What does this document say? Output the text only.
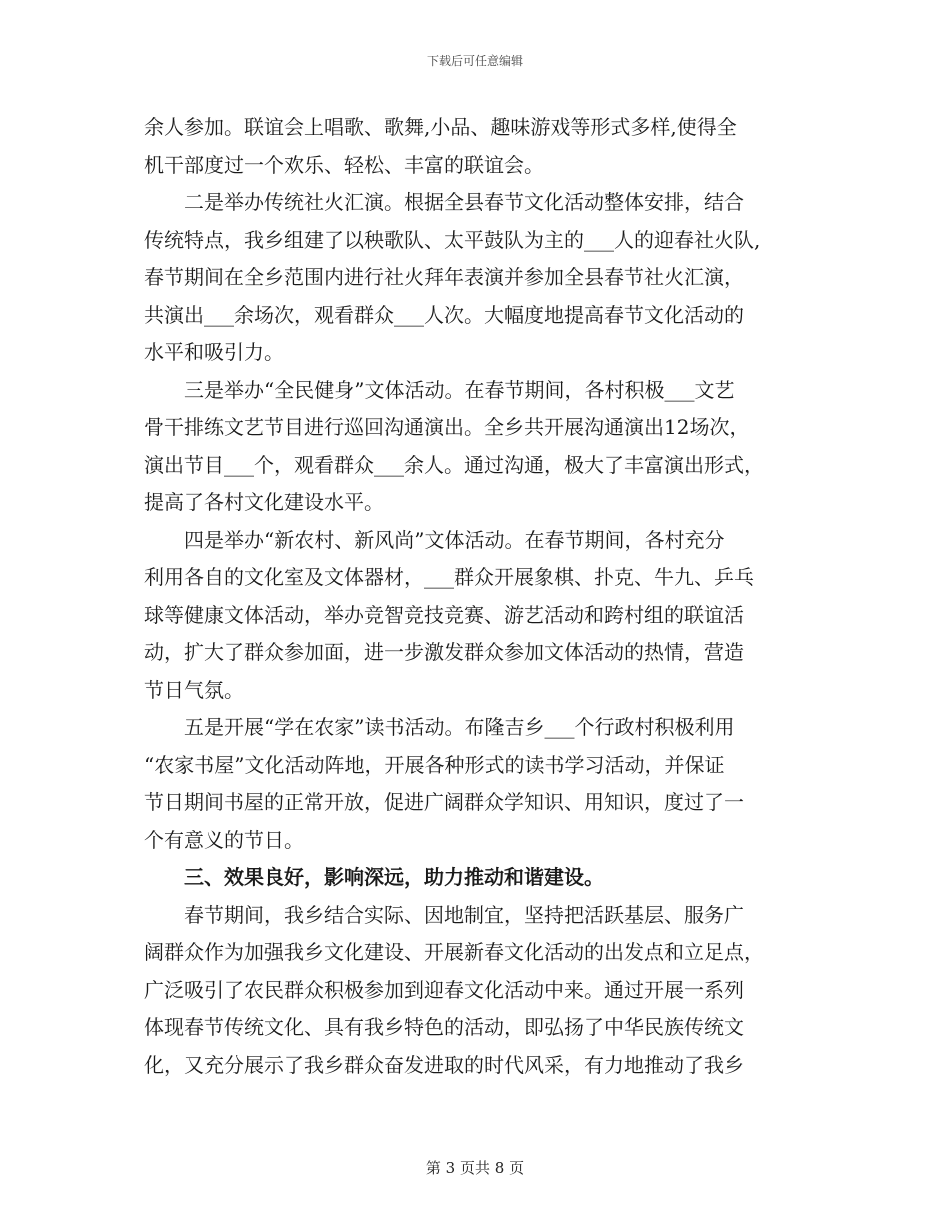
下载后可任意编辑
余人参加。联谊会上唱歌、歌舞,小品、趣味游戏等形式多样,使得全
机干部度过一个欢乐、轻松、丰富的联谊会。
二是举办传统社火汇演。根据全县春节文化活动整体安排，结合
传统特点，我乡组建了以秧歌队、太平鼓队为主的___人的迎春社火队,
春节期间在全乡范围内进行社火拜年表演并参加全县春节社火汇演，
共演出___余场次，观看群众___人次。大幅度地提高春节文化活动的
水平和吸引力。
三是举办“全民健身”文体活动。在春节期间，各村积极___文艺
骨干排练文艺节目进行巡回沟通演出。全乡共开展沟通演出12场次，
演出节目___个，观看群众___余人。通过沟通，极大了丰富演出形式，
提高了各村文化建设水平。
四是举办“新农村、新风尚”文体活动。在春节期间，各村充分
利用各自的文化室及文体器材，___群众开展象棋、扑克、牛九、乒乓
球等健康文体活动，举办竞智竞技竞赛、游艺活动和跨村组的联谊活
动，扩大了群众参加面，进一步激发群众参加文体活动的热情，营造
节日气氛。
五是开展“学在农家”读书活动。布隆吉乡___个行政村积极利用
“农家书屋”文化活动阵地，开展各种形式的读书学习活动，并保证
节日期间书屋的正常开放，促进广阔群众学知识、用知识，度过了一
个有意义的节日。
三、效果良好，影响深远，助力推动和谐建设。
春节期间，我乡结合实际、因地制宜，坚持把活跃基层、服务广
阔群众作为加强我乡文化建设、开展新春文化活动的出发点和立足点，
广泛吸引了农民群众积极参加到迎春文化活动中来。通过开展一系列
体现春节传统文化、具有我乡特色的活动，即弘扬了中华民族传统文
化，又充分展示了我乡群众奋发进取的时代风采，有力地推动了我乡
第 3 页共 8 页
